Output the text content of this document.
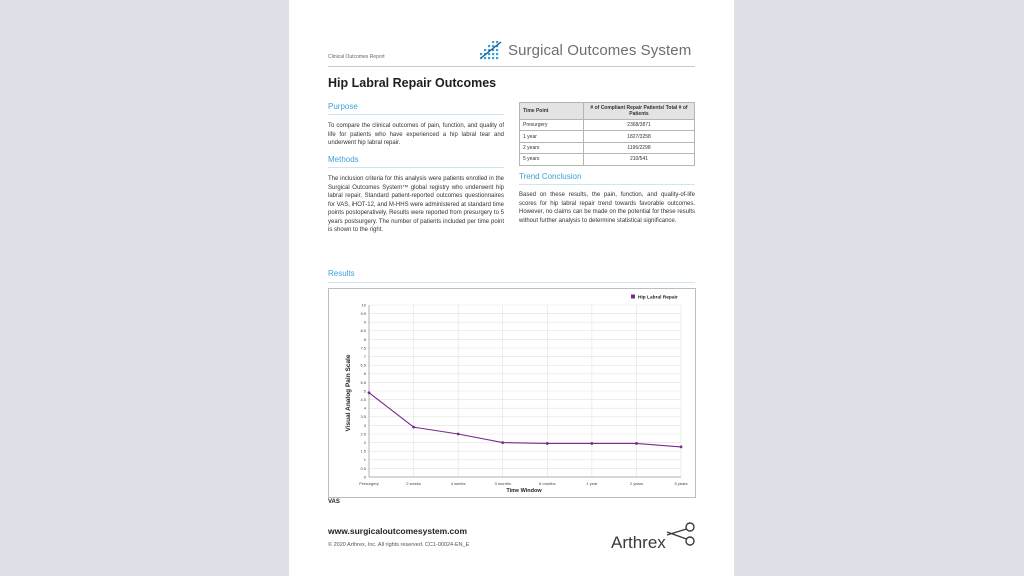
Clinical Outcomes Report	Surgical Outcomes System
Hip Labral Repair Outcomes
Purpose
To compare the clinical outcomes of pain, function, and quality of life for patients who have experienced a hip labral tear and underwent hip labral repair.
Methods
The inclusion criteria for this analysis were patients enrolled in the Surgical Outcomes System™ global registry who underwent hip labral repair. Standard patient-reported outcomes questionnaires for VAS, iHOT-12, and M-HHS were administered at standard time points postoperatively. Results were reported from presurgery to 5 years postsurgery. The number of patients included per time point is shown to the right.
Time Point	# of Compliant Repair Patients/ Total # of Patients
Presurgery	2368/3871
1 year	1827/3258
2 years	1196/2298
5 years	210/541
Trend Conclusion
Based on these results, the pain, function, and quality-of-life scores for hip labral repair trend towards favorable outcomes. However, no claims can be made on the potential for these results without further analysis to determine statistical significance.
Results
0
0.5
1
1.5
2
2.5
3
3.5
4
4.5
5
5.5
6
6.5
7
7.5
8
8.5
9
9.5
10
Presurgery	2 weeks	4 weeks	3 months	6 months	1 year	2 years	5 years
Visual Analog Pain Scale
Time Window
Hip Labral Repair
VAS
www.surgicaloutcomesystem.com
© 2020 Arthrex, Inc. All rights reserved. CC1-00024-EN_E	Arthrex
